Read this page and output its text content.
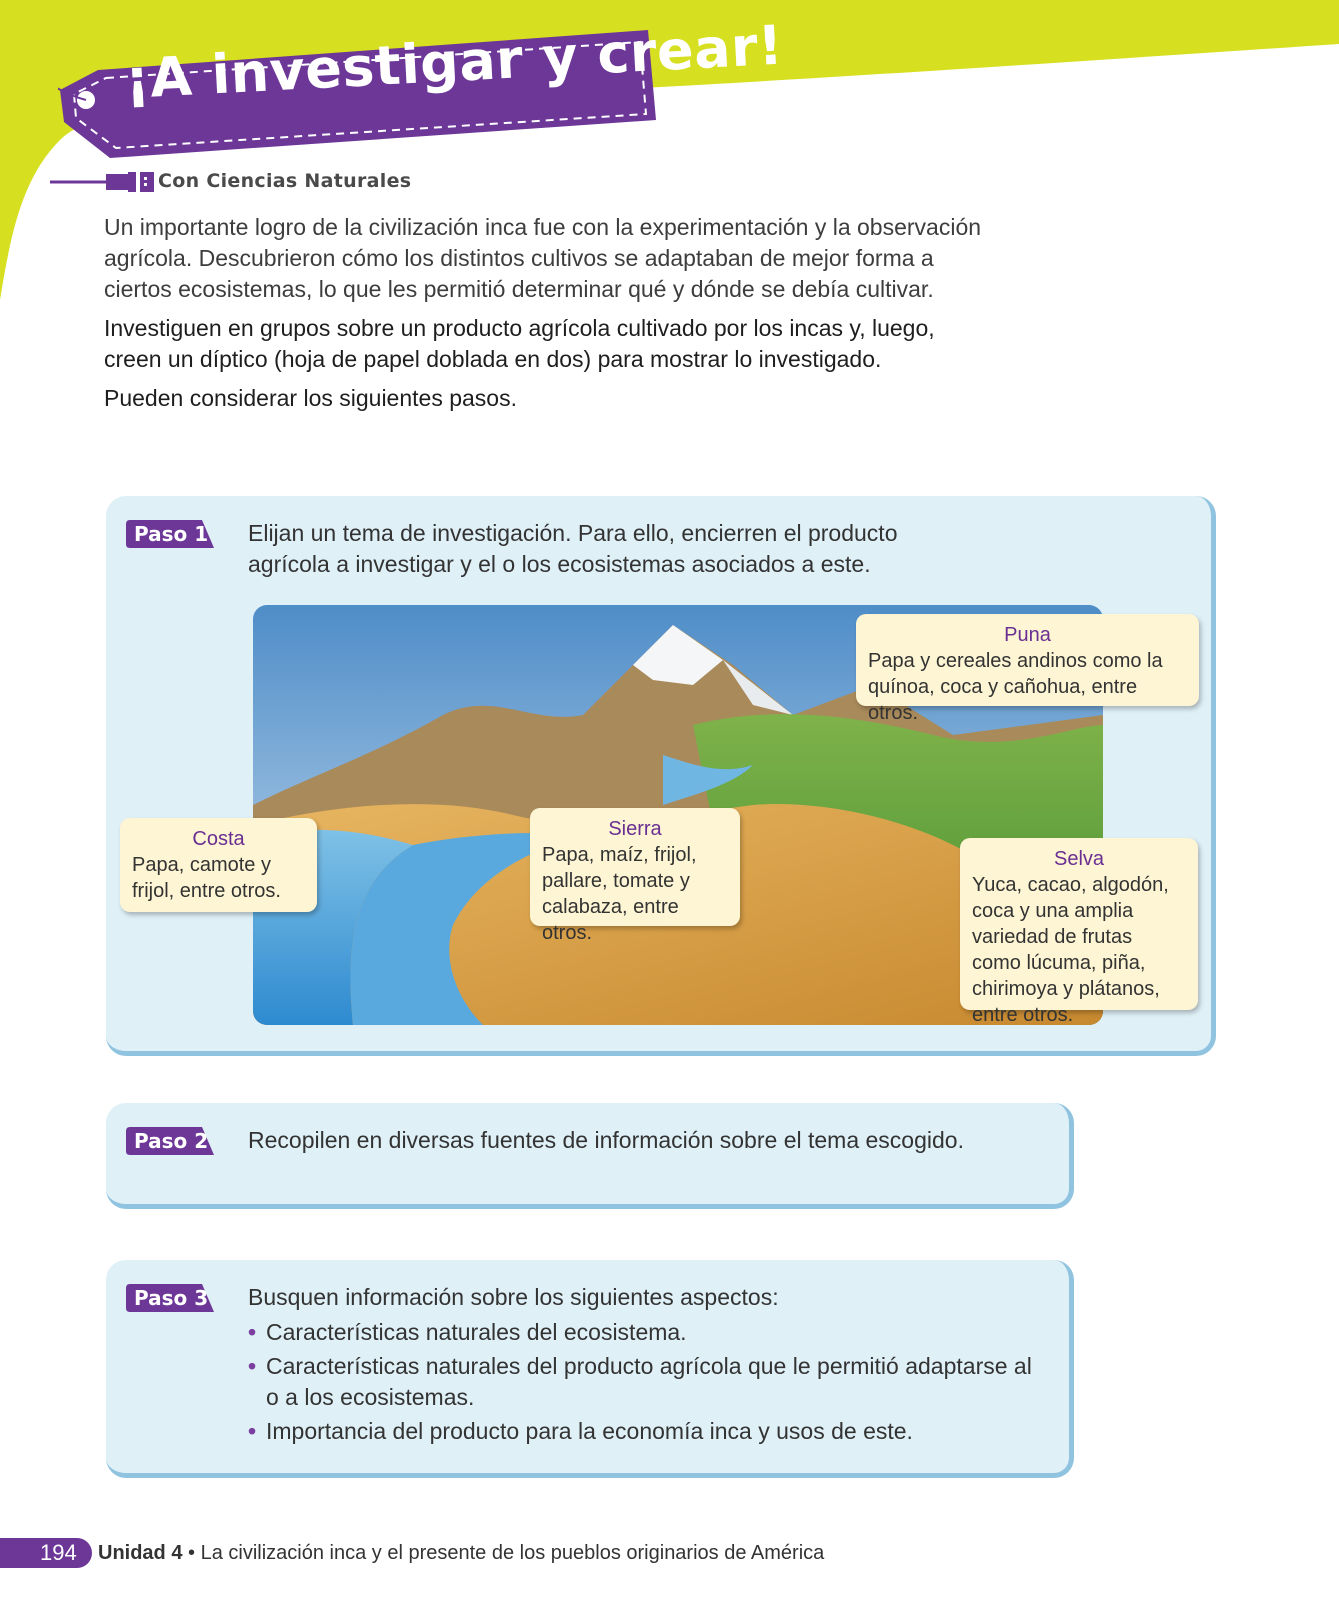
¡A investigar y crear!
Con Ciencias Naturales

Un importante logro de la civilización inca fue con la experimentación y la observación agrícola. Descubrieron cómo los distintos cultivos se adaptaban de mejor forma a ciertos ecosistemas, lo que les permitió determinar qué y dónde se debía cultivar.

Investiguen en grupos sobre un producto agrícola cultivado por los incas y, luego, creen un díptico (hoja de papel doblada en dos) para mostrar lo investigado.

Pueden considerar los siguientes pasos.

Paso 1 Elijan un tema de investigación. Para ello, encierren el producto agrícola a investigar y el o los ecosistemas asociados a este.
Puna
Papa y cereales andinos como la quínoa, coca y cañohua, entre otros.
Costa
Papa, camote y frijol, entre otros.
Sierra
Papa, maíz, frijol, pallare, tomate y calabaza, entre otros.
Selva
Yuca, cacao, algodón, coca y una amplia variedad de frutas como lúcuma, piña, chirimoya y plátanos, entre otros.
Paso 2 Recopilen en diversas fuentes de información sobre el tema escogido.
Paso 3 Busquen información sobre los siguientes aspectos:
• Características naturales del ecosistema.
• Características naturales del producto agrícola que le permitió adaptarse al o a los ecosistemas.
• Importancia del producto para la economía inca y usos de este.
194 Unidad 4 • La civilización inca y el presente de los pueblos originarios de América
